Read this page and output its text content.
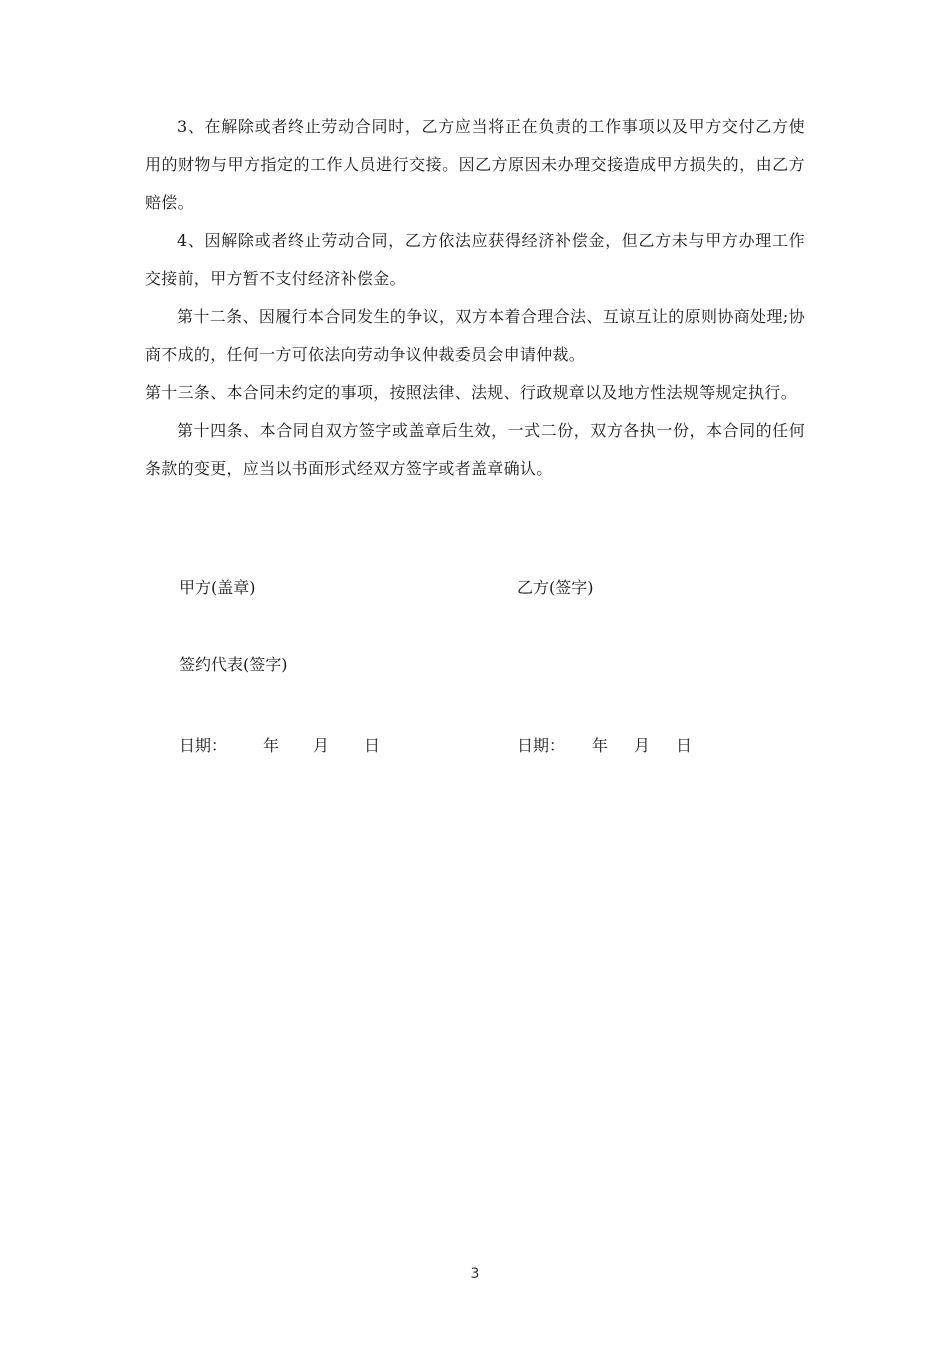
3、在解除或者终止劳动合同时，乙方应当将正在负责的工作事项以及甲方交付乙方使用的财物与甲方指定的工作人员进行交接。因乙方原因未办理交接造成甲方损失的，由乙方赔偿。

4、因解除或者终止劳动合同，乙方依法应获得经济补偿金，但乙方未与甲方办理工作交接前，甲方暂不支付经济补偿金。

第十二条、因履行本合同发生的争议，双方本着合理合法、互谅互让的原则协商处理;协商不成的，任何一方可依法向劳动争议仲裁委员会申请仲裁。

第十三条、本合同未约定的事项，按照法律、法规、行政规章以及地方性法规等规定执行。

第十四条、本合同自双方签字或盖章后生效，一式二份，双方各执一份，本合同的任何条款的变更，应当以书面形式经双方签字或者盖章确认。

甲方(盖章)	乙方(签字)
签约代表(签字)
日期： 年 月 日	日期： 年 月 日
3
